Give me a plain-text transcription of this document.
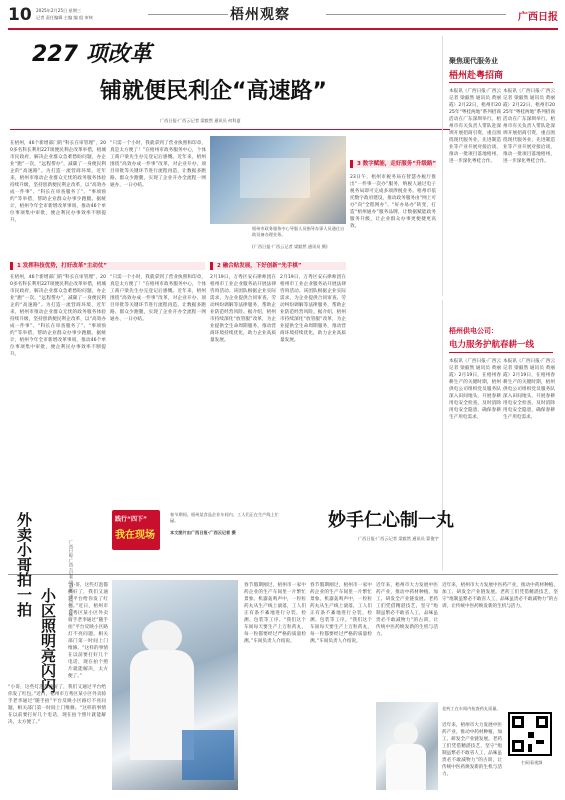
10 2025年2月25日 星期三
记者 责任编辑 主编 编 组 审核	梧州观察	广西日报
227 项改革
铺就便民利企“高速路”
广西日报·广西云记者 梁毅然 通讯员 何科夏
在梧州，46个新增部门的“科长在审管理”，200多名科长利用227项便民利企改革举措，梧城市民政府，解决企业群众急难愁盼问题，办企业“跑”一次，“远程帮办”，减碳了一身便民利企的“高速路”。为打造一流营商环境，近年来，梧州市推动企业群众无忧的政务服务体验持续升级，坚持创新便民利企改革，以“高效办成一件事”、“科长在审查服务了”、“事项预约”等举措，帮助企业群众办事少跑腿。据统计，梧州今年全市新增改革事项，推动46个单位事项集中审批，便企利民办事效率不断提升。
“只需一个小时，我就拿到了营业执照和印章，真是太方便了！”在梧州市政务服务中心，个体工商户梁先生办完登记后感慨。近年来，梧州围绕“高效办成一件事”改革，对企业开办、项目审批等关键环节进行流程再造，让数据多跑路、群众少跑腿，实现了企业开办全流程一网通办、一日办结。
梧州市政务服务中心导服人员指导办事人员通过自助设备办理业务。
(广西日报·广西云记者 梁毅然 通讯员 摄)
1 发挥科技优势，打好改革“主动仗”
在梧州，46个新增部门的“科长在审管理”，200多名科长利用227项便民利企改革举措，梧城市民政府，解决企业群众急难愁盼问题，办企业“跑”一次，“远程帮办”，减碳了一身便民利企的“高速路”。为打造一流营商环境，近年来，梧州市推动企业群众无忧的政务服务体验持续升级，坚持创新便民利企改革，以“高效办成一件事”、“科长在审查服务了”、“事项预约”等举措，帮助企业群众办事少跑腿。据统计，梧州今年全市新增改革事项，推动46个单位事项集中审批，便企利民办事效率不断提升。
“只需一个小时，我就拿到了营业执照和印章，真是太方便了！”在梧州市政务服务中心，个体工商户梁先生办完登记后感慨。近年来，梧州围绕“高效办成一件事”改革，对企业开办、项目审批等关键环节进行流程再造，让数据多跑路、群众少跑腿，实现了企业开办全流程一网通办、一日办结。
2 融合贴发展，下好创新“先手棋”
2月19日，万秀区安石律师团在梧州市工业企业服务站开展法律咨询活动。该团队根据企业实际需求，为企业提供合同审查、劳动纠纷调解等法律服务，帮助企业防范经营风险。据介绍，梧州市持续深化“放管服”改革，为企业提供全生命周期服务，推动营商环境持续优化，助力企业高质量发展。
2月19日，万秀区安石律师团在梧州市工业企业服务站开展法律咨询活动。该团队根据企业实际需求，为企业提供合同审查、劳动纠纷调解等法律服务，帮助企业防范经营风险。据介绍，梧州市持续深化“放管服”改革，为企业提供全生命周期服务，推动营商环境持续优化，助力企业高质量发展。
3 数字赋能，走好服务“升级路”
23日午，梧州市税务局在智慧办税厅推出“一件事一次办”服务，纳税人通过电子税务局即可完成多项涉税业务。梧州市依托数字政府建设，推动政务服务由“网上可办”向“全程网办”、“好办易办”转变，打造“梧州通办”服务品牌，让数据赋能政务服务升级，让企业群众办事更便捷更高效。
聚焦现代服务业
梧州赴粤招商
本报讯（广西日报·广西云记者 梁毅然 通讯员 黄丽霞）2月22日，梧州市2025年“粤桂两地”系列招商活动在广东深圳举行。梧州市有关负责人带队赴深圳开展招商引资，重点围绕现代服务业、先进制造业等产业开展对接洽谈，推动一批项目落地梧州，进一步深化粤桂合作。
本报讯（广西日报·广西云记者 梁毅然 通讯员 黄丽霞）2月22日，梧州市2025年“粤桂两地”系列招商活动在广东深圳举行。梧州市有关负责人带队赴深圳开展招商引资，重点围绕现代服务业、先进制造业等产业开展对接洽谈，推动一批项目落地梧州，进一步深化粤桂合作。
梧州供电公司：
电力服务护航春耕一线
本报讯（广西日报·广西云记者 梁毅然 通讯员 黄丽霞）2月19日，在梧州春耕生产的关键时期，梧州供电公司组织党员服务队深入田间地头，开展春耕用电安全检查，及时消除用电安全隐患，确保春耕生产用电需求。
本报讯（广西日报·广西云记者 梁毅然 通讯员 黄丽霞）2月19日，在梧州春耕生产的关键时期，梧州供电公司组织党员服务队深入田间地头，开展春耕用电安全检查，及时消除用电安全隐患，确保春耕生产用电需求。
外卖小哥拍一拍
小区照明亮闪闪
广西日报·广西云记者 梁毅然 通讯员 李颖
“小哥，这些灯泡都换好了，我们又通过平台给你发了红包。”近日，梧州市万秀区某小区外卖骑手老李通过“随手拍”平台反映小区路灯不亮问题，相关部门第一时间上门维修。“这样的事情在以前要打好几个电话，现在拍个照片就能解决，太方便了。”
“小哥，这些灯泡都换好了，我们又通过平台给你发了红包。”近日，梧州市万秀区某小区外卖骑手老李通过“随手拍”平台反映小区路灯不亮问题，相关部门第一时间上门维修。“这样的事情在以前要打好几个电话，现在拍个照片就能解决，太方便了。”
践行“四下”
我在现场
春节期间，梧州某食品企业车间内，工人们正在生产线上忙碌。
本文图片由广西日报·广西云记者 摄
妙手仁心制一丸
广西日报·广西云记者 梁毅然 通讯员 蒙俊宇
春节假期刚过，梧州市一家中药企业的生产车间里一片繁忙景象。机器轰鸣声中，一粒粒药丸从生产线上滚落，工人们正有条不紊地进行分装、检测、包装等工序。“我们这个车间每天要生产上万粒药丸，每一粒都要经过严格的质量检测。”车间负责人介绍说。
春节假期刚过，梧州市一家中药企业的生产车间里一片繁忙景象。机器轰鸣声中，一粒粒药丸从生产线上滚落，工人们正有条不紊地进行分装、检测、包装等工序。“我们这个车间每天要生产上万粒药丸，每一粒都要经过严格的质量检测。”车间负责人介绍说。
近年来，梧州市大力发展中医药产业，推动中药材种植、加工、研发全产业链发展。老药工们凭借精湛技艺，坚守“炮制虽繁必不敢省人工，品味虽贵必不敢减物力”的古训，让传统中医药焕发新的生机与活力。
近年来，梧州市大力发展中医药产业，推动中药材种植、加工、研发全产业链发展。老药工们凭借精湛技艺，坚守“炮制虽繁必不敢省人工，品味虽贵必不敢减物力”的古训，让传统中医药焕发新的生机与活力。
老药工在车间内检查药丸质量。
近年来，梧州市大力发展中医药产业，推动中药材种植、加工、研发全产业链发展。老药工们凭借精湛技艺，坚守“炮制虽繁必不敢省人工，品味虽贵必不敢减物力”的古训，让传统中医药焕发新的生机与活力。
扫码看视频
